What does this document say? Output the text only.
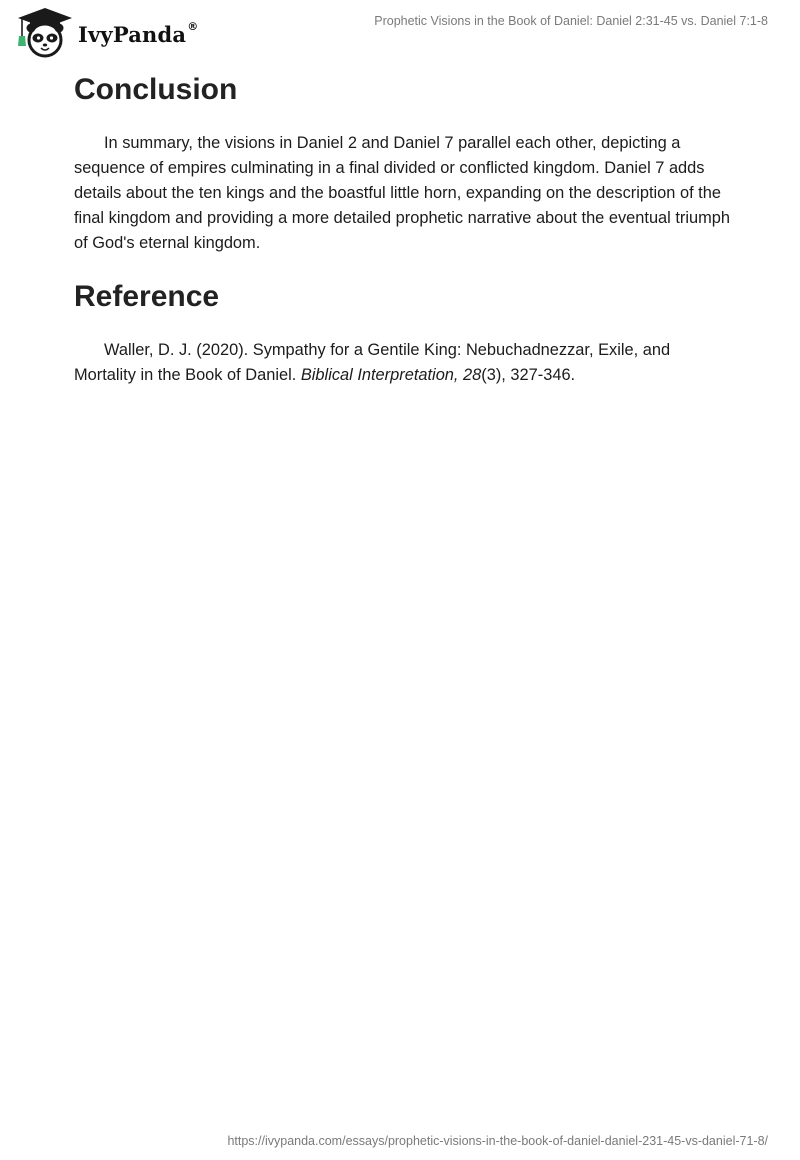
IvyPanda ®	Prophetic Visions in the Book of Daniel: Daniel 2:31-45 vs. Daniel 7:1-8
Conclusion

In summary, the visions in Daniel 2 and Daniel 7 parallel each other, depicting a sequence of empires culminating in a final divided or conflicted kingdom. Daniel 7 adds details about the ten kings and the boastful little horn, expanding on the description of the final kingdom and providing a more detailed prophetic narrative about the eventual triumph of God's eternal kingdom.

Reference

Waller, D. J. (2020). Sympathy for a Gentile King: Nebuchadnezzar, Exile, and Mortality in the Book of Daniel. Biblical Interpretation, 28(3), 327-346.

https://ivypanda.com/essays/prophetic-visions-in-the-book-of-daniel-daniel-231-45-vs-daniel-71-8/
